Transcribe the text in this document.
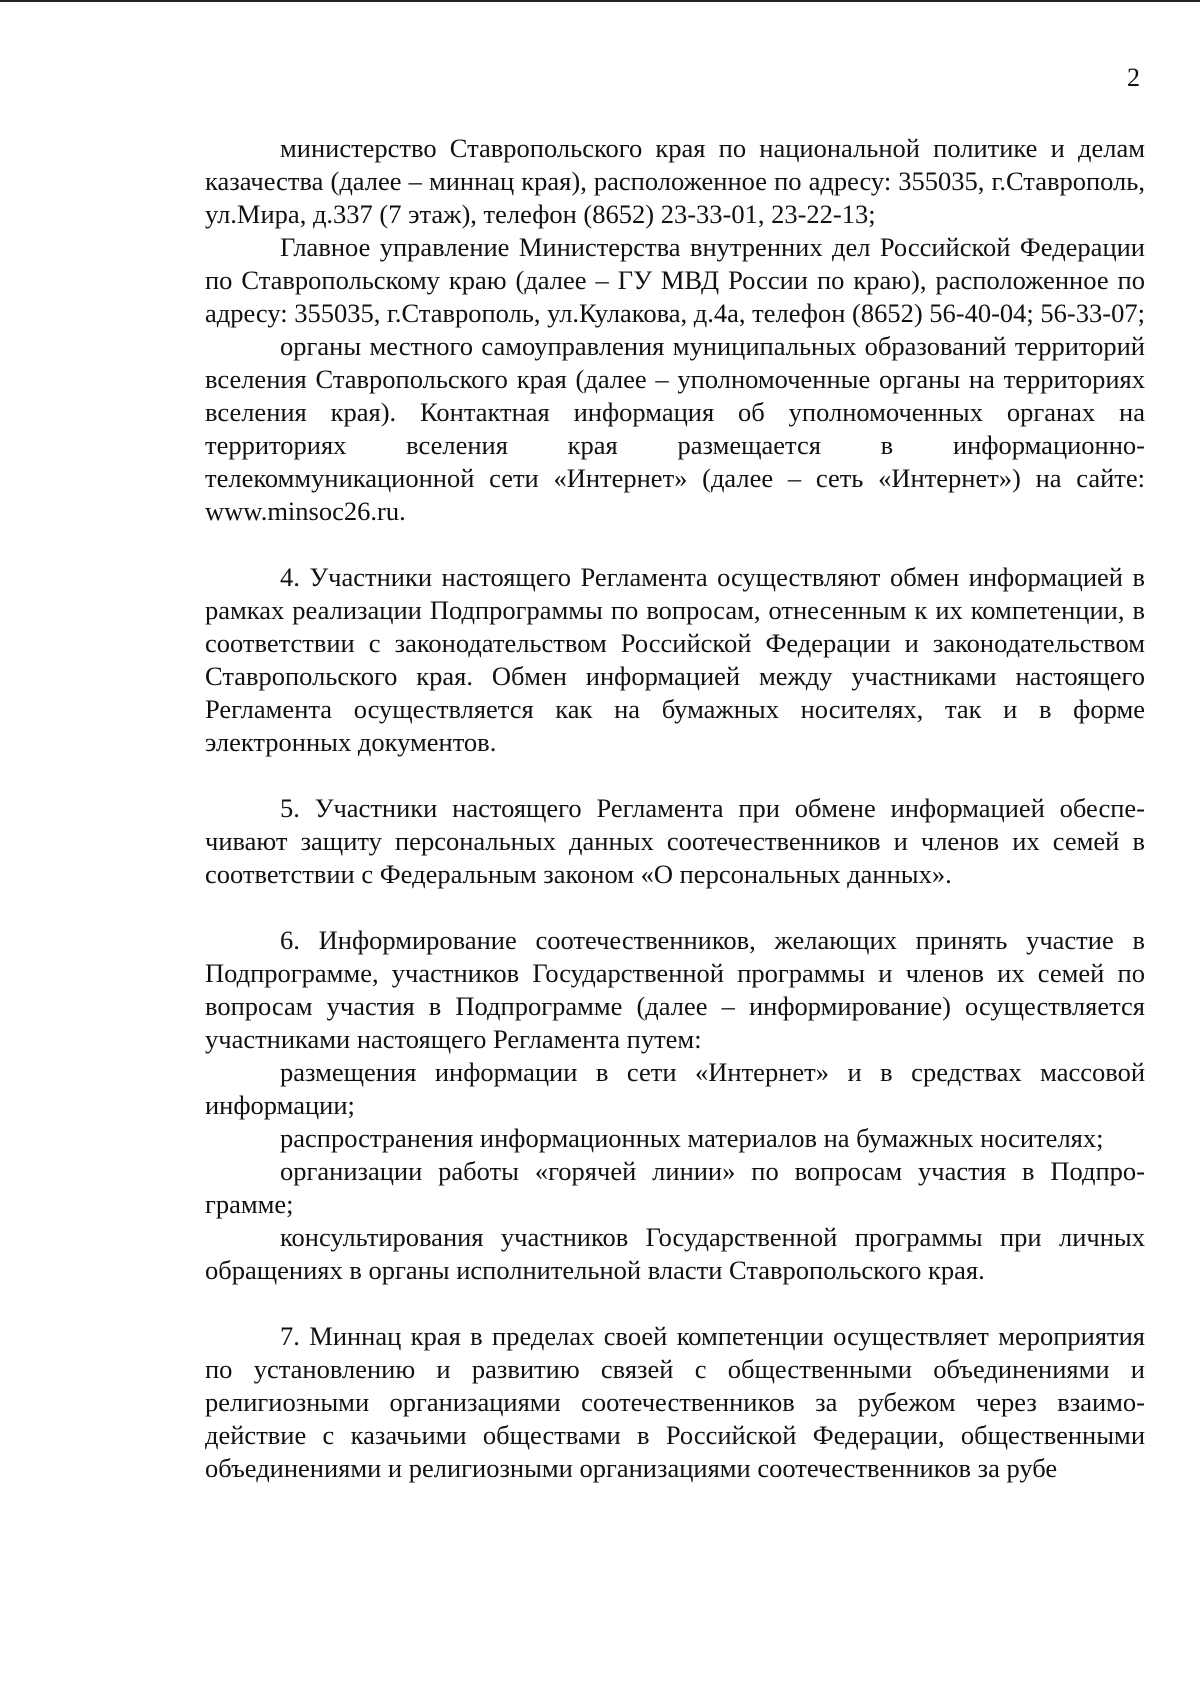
2

министерство Ставропольского края по национальной политике и делам казачества (далее – миннац края), расположенное по адресу: 355035, г.Ставрополь, ул.Мира, д.337 (7 этаж), телефон (8652) 23-33-01, 23-22-13;

Главное управление Министерства внутренних дел Российской Федерации по Ставропольскому краю (далее – ГУ МВД России по краю), расположенное по адресу: 355035, г.Ставрополь, ул.Кулакова, д.4а, телефон (8652) 56-40-04; 56-33-07;

органы местного самоуправления муниципальных образований территорий вселения Ставропольского края (далее – уполномоченные органы на территориях вселения края). Контактная информация об уполномоченных органах на территориях вселения края размещается в информационно-телекоммуникационной сети «Интернет» (далее – сеть «Интернет») на сайте: www.minsoc26.ru.

4. Участники настоящего Регламента осуществляют обмен информацией в рамках реализации Подпрограммы по вопросам, отнесенным к их компетенции, в соответствии с законодательством Российской Федерации и законодательством Ставропольского края. Обмен информацией между участниками настоящего Регламента осуществляется как на бумажных носителях, так и в форме электронных документов.

5. Участники настоящего Регламента при обмене информацией обеспечивают защиту персональных данных соотечественников и членов их семей в соответствии с Федеральным законом «О персональных данных».

6. Информирование соотечественников, желающих принять участие в Подпрограмме, участников Государственной программы и членов их семей по вопросам участия в Подпрограмме (далее – информирование) осуществляется участниками настоящего Регламента путем:

размещения информации в сети «Интернет» и в средствах массовой информации;

распространения информационных материалов на бумажных носителях;

организации работы «горячей линии» по вопросам участия в Подпрограмме;

консультирования участников Государственной программы при личных обращениях в органы исполнительной власти Ставропольского края.

7. Миннац края в пределах своей компетенции осуществляет мероприятия по установлению и развитию связей с общественными объединениями и религиозными организациями соотечественников за рубежом через взаимодействие с казачьими обществами в Российской Федерации, общественными объединениями и религиозными организациями соотечественников за рубе
